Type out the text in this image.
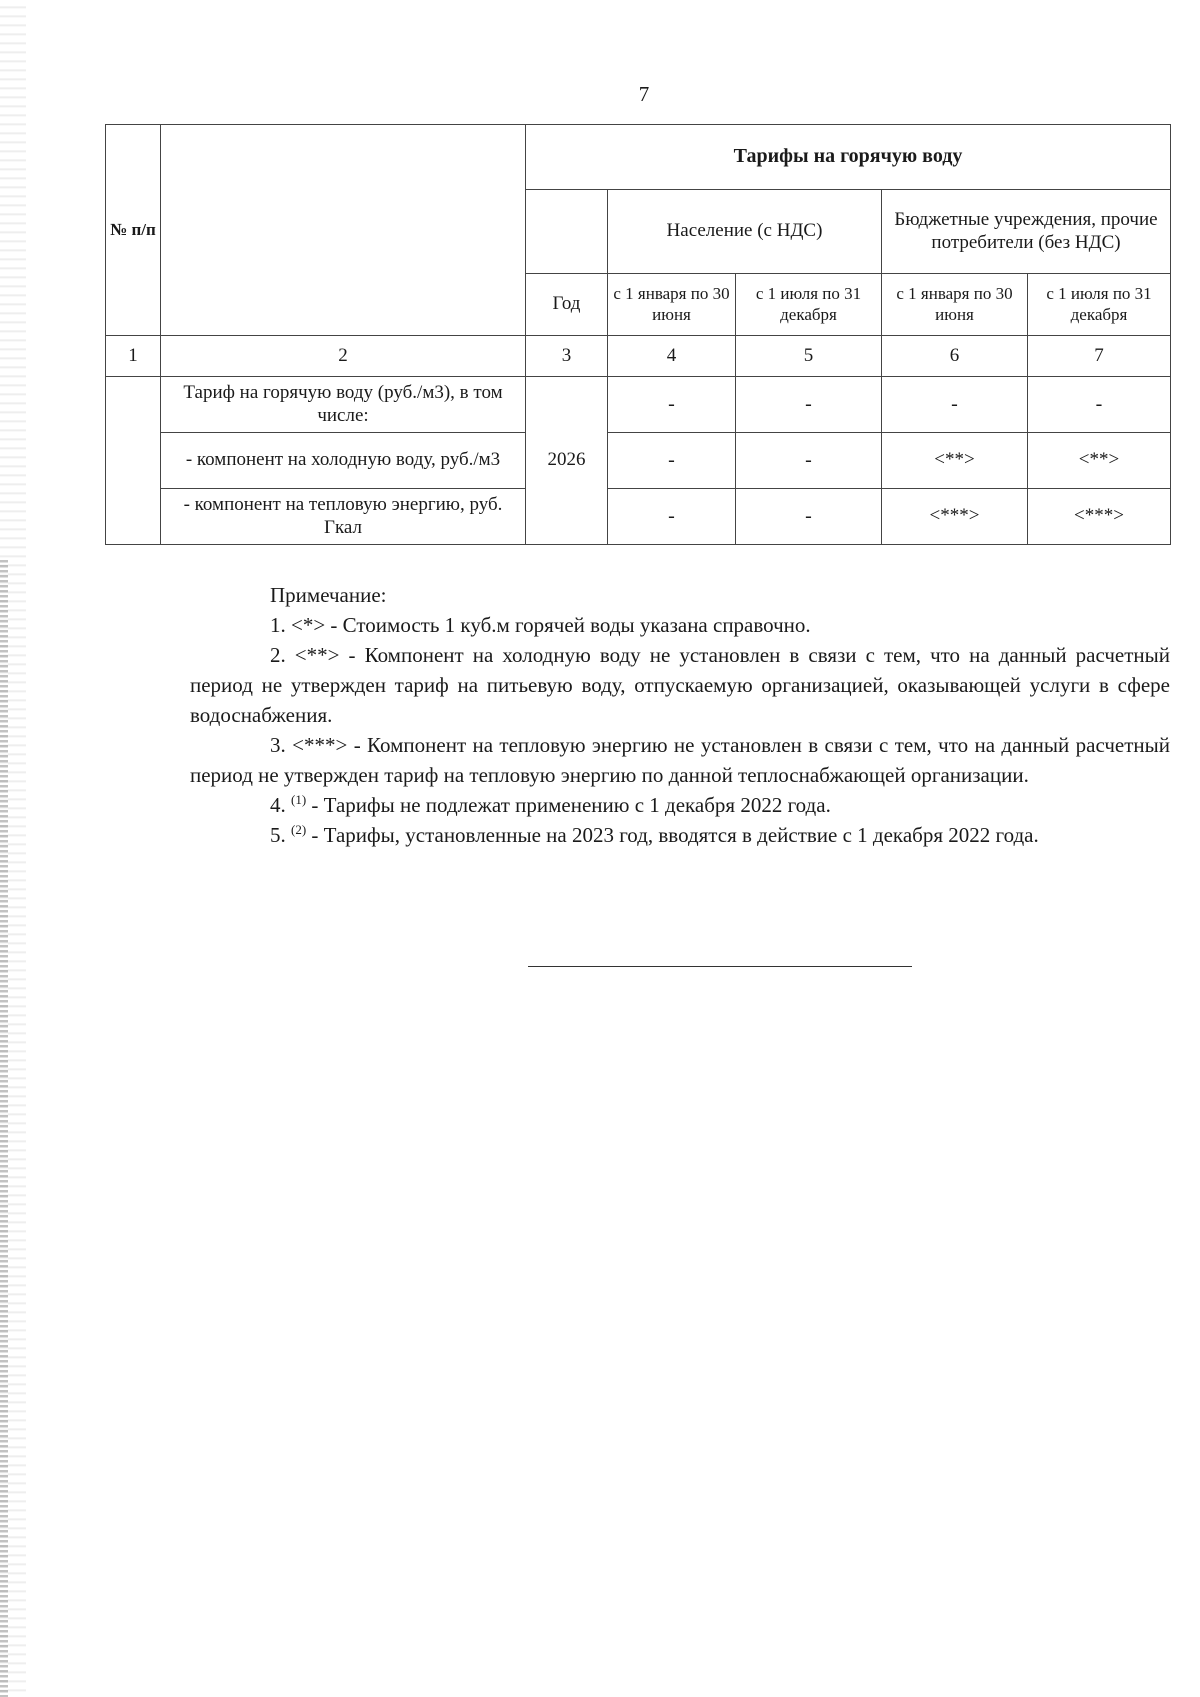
7
№ п/п		Тарифы на горячую воду				
			Население (с НДС)		Бюджетные учреждения, прочие потребители (без НДС)	
		Год	с 1 января по 30 июня	с 1 июля по 31 декабря	с 1 января по 30 июня	с 1 июля по 31 декабря
1	2	3	4	5	6	7
	Тариф на горячую воду (руб./м3), в том числе:	2026	-	-	-	-
	- компонент на холодную воду, руб./м3		-	-	<**>	<**>
	- компонент на тепловую энергию, руб. Гкал		-	-	<***>	<***>

Примечание:

1. <*> - Стоимость 1 куб.м горячей воды указана справочно.

2. <**> - Компонент на холодную воду не установлен в связи с тем, что на данный расчетный период не утвержден тариф на питьевую воду, отпускаемую организацией, оказывающей услуги в сфере водоснабжения.

3. <***> - Компонент на тепловую энергию не установлен в связи с тем, что на данный расчетный период не утвержден тариф на тепловую энергию по данной теплоснабжающей организации.

4. $^{(1)}$ - Тарифы не подлежат применению с 1 декабря 2022 года.

5. $^{(2)}$ - Тарифы, установленные на 2023 год, вводятся в действие с 1 декабря 2022 года.
